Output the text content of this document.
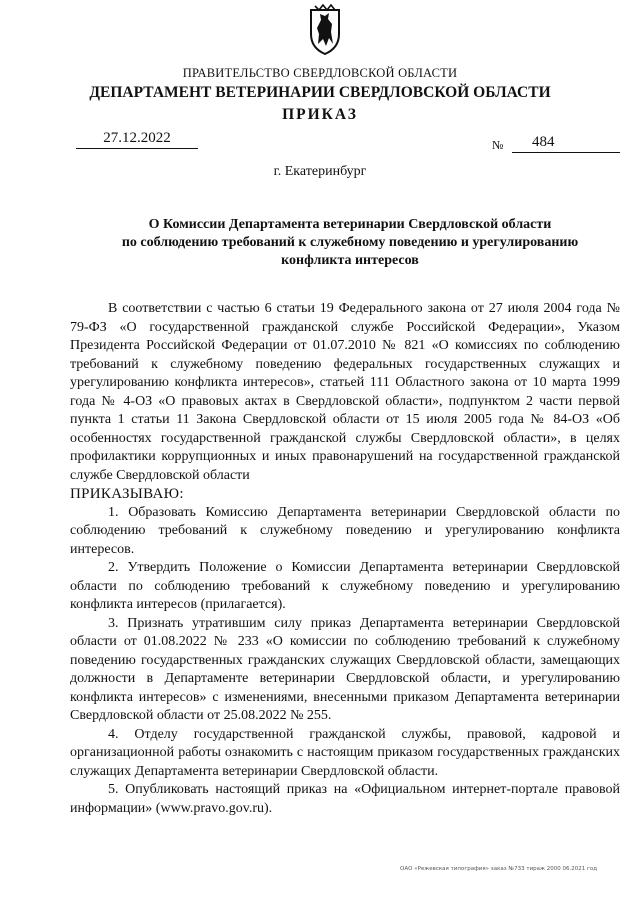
ПРАВИТЕЛЬСТВО СВЕРДЛОВСКОЙ ОБЛАСТИ
ДЕПАРТАМЕНТ ВЕТЕРИНАРИИ СВЕРДЛОВСКОЙ ОБЛАСТИ
ПРИКАЗ
27.12.2022	№	484
г. Екатеринбург
О Комиссии Департамента ветеринарии Свердловской области
по соблюдению требований к служебному поведению и урегулированию
конфликта интересов

В соответствии с частью 6 статьи 19 Федерального закона от 27 июля 2004 года № 79-ФЗ «О государственной гражданской службе Российской Федерации», Указом Президента Российской Федерации от 01.07.2010 № 821 «О комиссиях по соблюдению требований к служебному поведению федеральных государственных служащих и урегулированию конфликта интересов», статьей 111 Областного закона от 10 марта 1999 года № 4-ОЗ «О правовых актах в Свердловской области», подпунктом 2 части первой пункта 1 статьи 11 Закона Свердловской области от 15 июля 2005 года № 84-ОЗ «Об особенностях государственной гражданской службы Свердловской области», в целях профилактики коррупционных и иных правонарушений на государственной гражданской службе Свердловской области

ПРИКАЗЫВАЮ:

1. Образовать Комиссию Департамента ветеринарии Свердловской области по соблюдению требований к служебному поведению и урегулированию конфликта интересов.

2. Утвердить Положение о Комиссии Департамента ветеринарии Свердловской области по соблюдению требований к служебному поведению и урегулированию конфликта интересов (прилагается).

3. Признать утратившим силу приказ Департамента ветеринарии Свердловской области от 01.08.2022 № 233 «О комиссии по соблюдению требований к служебному поведению государственных гражданских служащих Свердловской области, замещающих должности в Департаменте ветеринарии Свердловской области, и урегулированию конфликта интересов» с изменениями, внесенными приказом Департамента ветеринарии Свердловской области от 25.08.2022 № 255.

4. Отделу государственной гражданской службы, правовой, кадровой и организационной работы ознакомить с настоящим приказом государственных гражданских служащих Департамента ветеринарии Свердловской области.

5. Опубликовать настоящий приказ на «Официальном интернет-портале правовой информации» (www.pravo.gov.ru).

ОАО «Режевская типография» заказ №733 тираж 2000 06.2021 год
